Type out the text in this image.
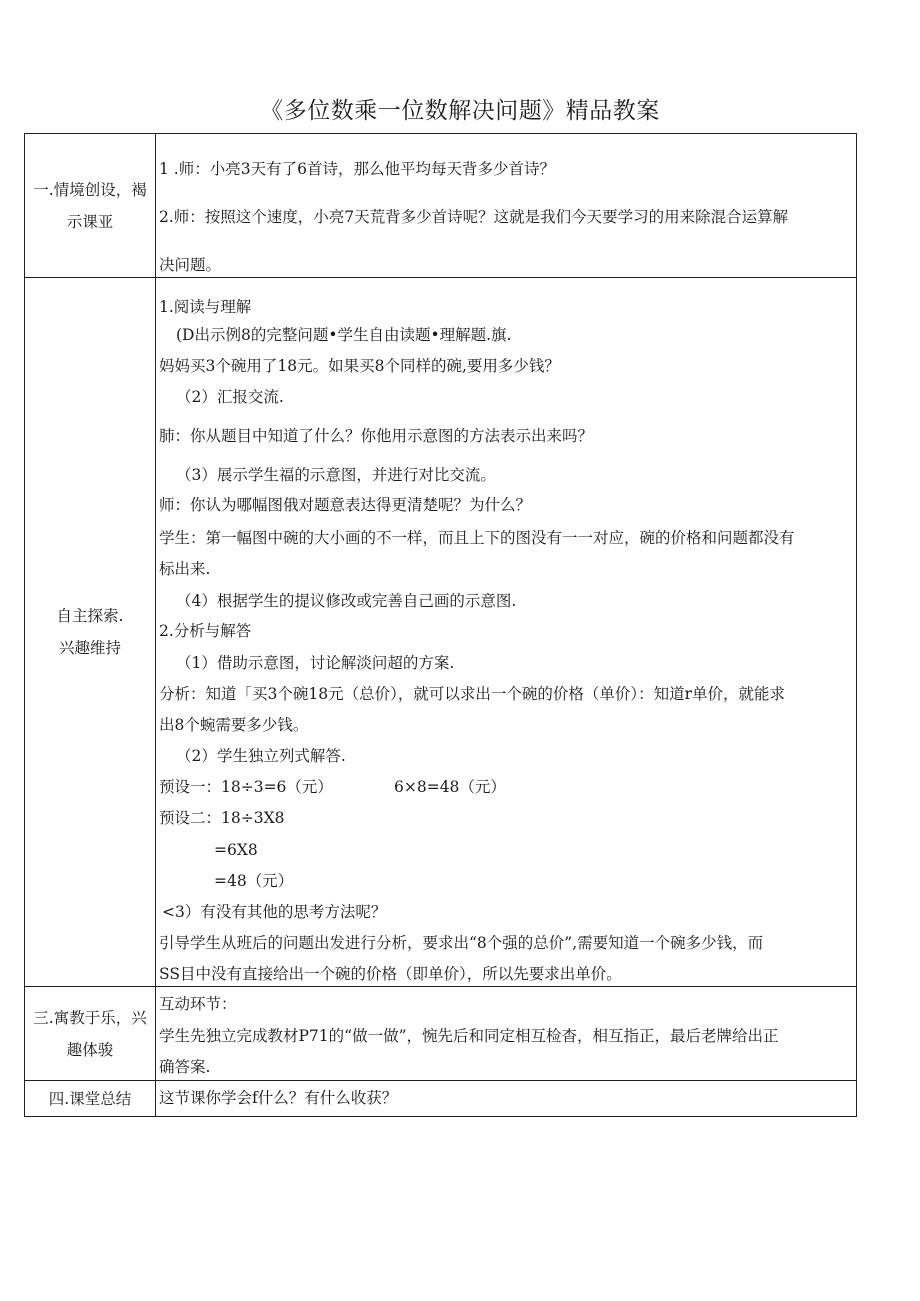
《多位数乘一位数解决问题》精品教案
一.情境创设，褐
示课亚
1 .师：小亮3天有了6首诗，那么他平均每天背多少首诗？
2.师：按照这个速度，小亮7天荒背多少首诗呢？这就是我们今天要学习的用来除混合运算解
决问题。
自主探索.
兴趣维持
1.阅读与理解
(D出示例8的完整问题•学生自由读题•理解题.旗.
妈妈买3个碗用了18元。如果买8个同样的碗,要用多少钱？
（2）汇报交流.
肺：你从题目中知道了什么？你他用示意图的方法表示出来吗？
（3）展示学生福的示意图，并进行对比交流。
师：你认为哪幅图俄对题意表达得更清楚呢？为什么？
学生：第一幅图中碗的大小画的不一样，而且上下的图没有一一对应，碗的价格和问题都没有
标出来.
（4）根据学生的提议修改或完善自己画的示意图.
2.分析与解答
（1）借助示意图，讨论解淡问超的方案.
分析：知道「买3个碗18元（总价），就可以求出一个碗的价格（单价）：知道r单价，就能求
出8个蜿需要多少钱。
（2）学生独立列式解答.
预设一：18÷3=6（元）	6×8=48（元）
预设二：18÷3X8
=6X8
=48（元）
<3）有没有其他的思考方法呢？
引导学生从班后的问题出发进行分析，要求出“8个强的总价”,需要知道一个碗多少钱，而
SS目中没有直接给出一个碗的价格（即单价），所以先要求出单价。
三.寓教于乐，兴
趣体骏
互动环节：
学生先独立完成教材P71的“做一做”，惋先后和同定相互检杳，相互指正，最后老牌给出正
确答案.
四.课堂总结 这节课你学会f什么？有什么收获？
